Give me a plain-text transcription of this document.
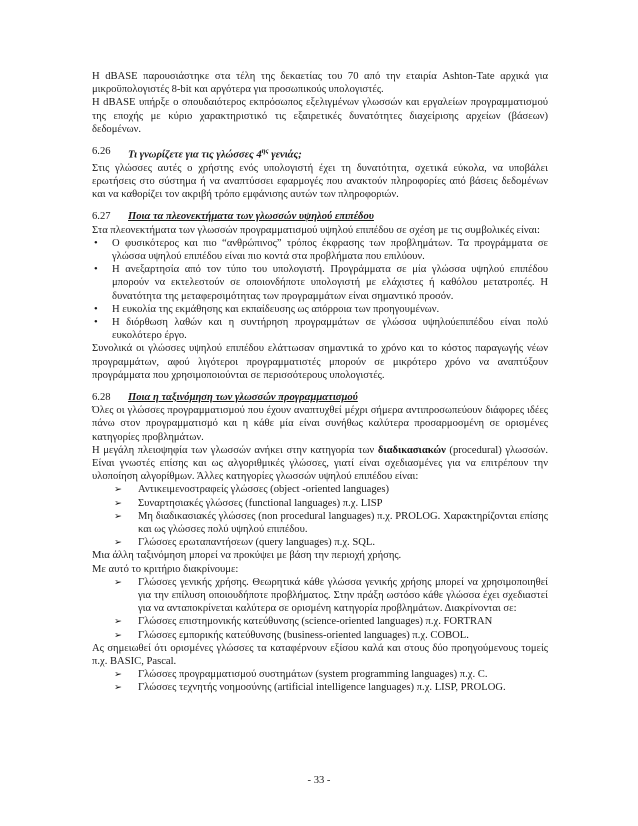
Η dBASE παρουσιάστηκε στα τέλη της δεκαετίας του 70 από την εταιρία Ashton-Tate αρχικά για μικροϋπολογιστές 8-bit και αργότερα για προσωπικούς υπολογιστές.

Η dBASE υπήρξε ο σπουδαιότερος εκπρόσωπος εξελιγμένων γλωσσών και εργαλείων προγραμματισμού της εποχής με κύριο χαρακτηριστικό τις εξαιρετικές δυνατότητες διαχείρισης αρχείων (βάσεων) δεδομένων.

6.26	Τι γνωρίζετε για τις γλώσσες $4^{\eta\varsigma}$ γενιάς;

Στις γλώσσες αυτές ο χρήστης ενός υπολογιστή έχει τη δυνατότητα, σχετικά εύκολα, να υποβάλει ερωτήσεις στο σύστημα ή να αναπτύσσει εφαρμογές που ανακτούν πληροφορίες από βάσεις δεδομένων και να καθορίζει τον ακριβή τρόπο εμφάνισης αυτών των πληροφοριών.

6.27	Ποια τα πλεονεκτήματα των γλωσσών υψηλού επιπέδου

Στα πλεονεκτήματα των γλωσσών προγραμματισμού υψηλού επιπέδου σε σχέση με τις συμβολικές είναι:

• Ο φυσικότερος και πιο “ανθρώπινος” τρόπος έκφρασης των προβλημάτων. Τα προγράμματα σε γλώσσα υψηλού επιπέδου είναι πιο κοντά στα προβλήματα που επιλύουν.
• Η ανεξαρτησία από τον τύπο του υπολογιστή. Προγράμματα σε μία γλώσσα υψηλού επιπέδου μπορούν να εκτελεστούν σε οποιονδήποτε υπολογιστή με ελάχιστες ή καθόλου μετατροπές. Η δυνατότητα της μεταφερσιμότητας των προγραμμάτων είναι σημαντικό προσόν.
• Η ευκολία της εκμάθησης και εκπαίδευσης ως απόρροια των προηγουμένων.
• Η διόρθωση λαθών και η συντήρηση προγραμμάτων σε γλώσσα υψηλούεπιπέδου είναι πολύ ευκολότερο έργο.

Συνολικά οι γλώσσες υψηλού επιπέδου ελάττωσαν σημαντικά το χρόνο και το κόστος παραγωγής νέων προγραμμάτων, αφού λιγότεροι προγραμματιστές μπορούν σε μικρότερο χρόνο να αναπτύξουν προγράμματα που χρησιμοποιούνται σε περισσότερους υπολογιστές.

6.28	Ποια η ταξινόμηση των γλωσσών προγραμματισμού

Όλες οι γλώσσες προγραμματισμού που έχουν αναπτυχθεί μέχρι σήμερα αντιπροσωπεύουν διάφορες ιδέες πάνω στον προγραμματισμό και η κάθε μία είναι συνήθως καλύτερα προσαρμοσμένη σε ορισμένες κατηγορίες προβλημάτων.

Η μεγάλη πλειοψηφία των γλωσσών ανήκει στην κατηγορία των διαδικασιακών (procedural) γλωσσών. Είναι γνωστές επίσης και ως αλγοριθμικές γλώσσες, γιατί είναι σχεδιασμένες για να επιτρέπουν την υλοποίηση αλγορίθμων. Άλλες κατηγορίες γλωσσών υψηλού επιπέδου είναι:

➢ Αντικειμενοστραφείς γλώσσες (object -oriented languages)
➢ Συναρτησιακές γλώσσες (functional languages) π.χ. LISP
➢ Μη διαδικασιακές γλώσσες (non procedural languages) π.χ. PROLOG. Χαρακτηρίζονται επίσης και ως γλώσσες πολύ υψηλού επιπέδου.
➢ Γλώσσες ερωταπαντήσεων (query languages) π.χ. SQL.

Μια άλλη ταξινόμηση μπορεί να προκύψει με βάση την περιοχή χρήσης.

Με αυτό το κριτήριο διακρίνουμε:

➢ Γλώσσες γενικής χρήσης. Θεωρητικά κάθε γλώσσα γενικής χρήσης μπορεί να χρησιμοποιηθεί για την επίλυση οποιουδήποτε προβλήματος. Στην πράξη ωστόσο κάθε γλώσσα έχει σχεδιαστεί για να ανταποκρίνεται καλύτερα σε ορισμένη κατηγορία προβλημάτων. Διακρίνονται σε:
➢ Γλώσσες επιστημονικής κατεύθυνσης (science-oriented languages) π.χ. FORTRAN
➢ Γλώσσες εμπορικής κατεύθυνσης (business-oriented languages) π.χ. COBOL.

Ας σημειωθεί ότι ορισμένες γλώσσες τα καταφέρνουν εξίσου καλά και στους δύο προηγούμενους τομείς π.χ. BASIC, Pascal.

➢ Γλώσσες προγραμματισμού συστημάτων (system programming languages) π.χ. C.
➢ Γλώσσες τεχνητής νοημοσύνης (artificial intelligence languages) π.χ. LISP, PROLOG.
- 33 -
